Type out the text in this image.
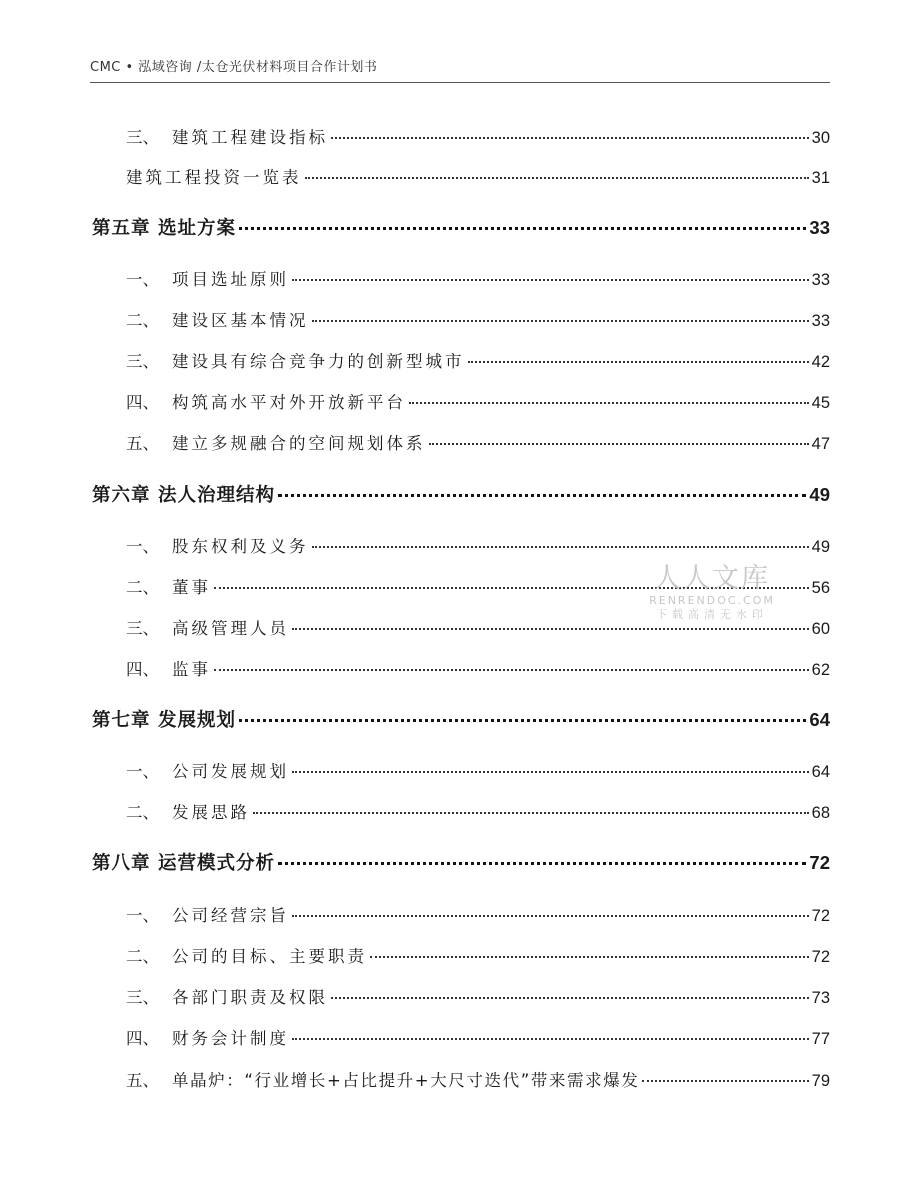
CMC • 泓域咨询 /太仓光伏材料项目合作计划书
三、 建筑工程建设指标	30
建筑工程投资一览表	31
第五章 选址方案	33
一、 项目选址原则	33
二、 建设区基本情况	33
三、 建设具有综合竞争力的创新型城市	42
四、 构筑高水平对外开放新平台	45
五、 建立多规融合的空间规划体系	47
第六章 法人治理结构	49
一、 股东权利及义务	49
二、 董事	56
三、 高级管理人员	60
四、 监事	62
第七章 发展规划	64
一、 公司发展规划	64
二、 发展思路	68
第八章 运营模式分析	72
一、 公司经营宗旨	72
二、 公司的目标、主要职责	72
三、 各部门职责及权限	73
四、 财务会计制度	77
五、 单晶炉：“行业增长+占比提升+大尺寸迭代”带来需求爆发	79
人人文库
RENRENDOC.COM
下载高清无水印
